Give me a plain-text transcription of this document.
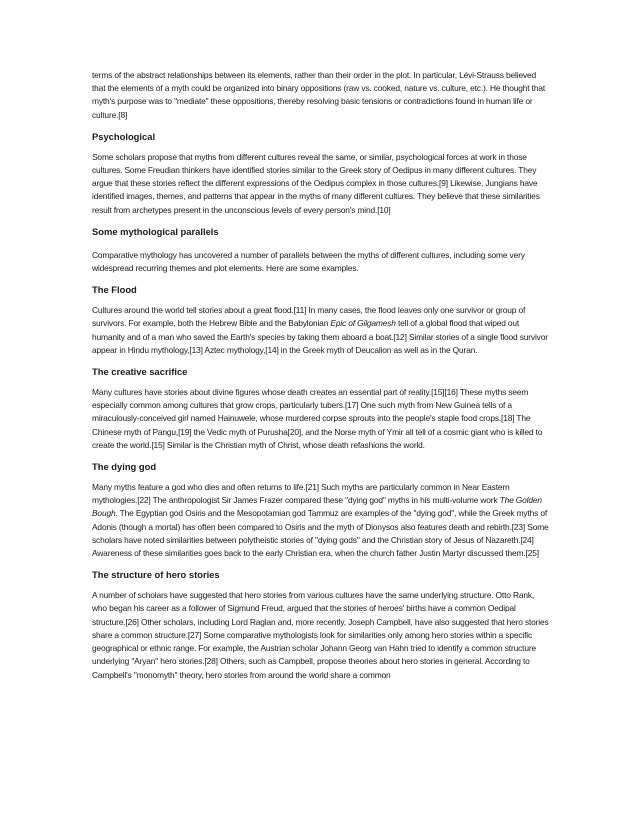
terms of the abstract relationships between its elements, rather than their order in the plot. In particular, Lévi-Strauss believed that the elements of a myth could be organized into binary oppositions (raw vs. cooked, nature vs. culture, etc.). He thought that myth's purpose was to "mediate" these oppositions, thereby resolving basic tensions or contradictions found in human life or culture.[8]

Psychological

Some scholars propose that myths from different cultures reveal the same, or similar, psychological forces at work in those cultures. Some Freudian thinkers have identified stories similar to the Greek story of Oedipus in many different cultures. They argue that these stories reflect the different expressions of the Oedipus complex in those cultures.[9] Likewise, Jungians have identified images, themes, and patterns that appear in the myths of many different cultures. They believe that these similarities result from archetypes present in the unconscious levels of every person's mind.[10]

Some mythological parallels

Comparative mythology has uncovered a number of parallels between the myths of different cultures, including some very widespread recurring themes and plot elements. Here are some examples.

The Flood

Cultures around the world tell stories about a great flood.[11] In many cases, the flood leaves only one survivor or group of survivors. For example, both the Hebrew Bible and the Babylonian Epic of Gilgamesh tell of a global flood that wiped out humanity and of a man who saved the Earth's species by taking them aboard a boat.[12] Similar stories of a single flood survivor appear in Hindu mythology,[13] Aztec mythology,[14] in the Greek myth of Deucalion as well as in the Quran.

The creative sacrifice

Many cultures have stories about divine figures whose death creates an essential part of reality.[15][16] These myths seem especially common among cultures that grow crops, particularly tubers.[17] One such myth from New Guinea tells of a miraculously-conceived girl named Hainuwele, whose murdered corpse sprouts into the people's staple food crops.[18] The Chinese myth of Pangu,[19] the Vedic myth of Purusha[20], and the Norse myth of Ymir all tell of a cosmic giant who is killed to create the world.[15] Similar is the Christian myth of Christ, whose death refashions the world.

The dying god

Many myths feature a god who dies and often returns to life.[21] Such myths are particularly common in Near Eastern mythologies.[22] The anthropologist Sir James Frazer compared these "dying god" myths in his multi-volume work The Golden Bough. The Egyptian god Osiris and the Mesopotamian god Tammuz are examples of the "dying god", while the Greek myths of Adonis (though a mortal) has often been compared to Osiris and the myth of Dionysos also features death and rebirth.[23] Some scholars have noted similarities between polytheistic stories of "dying gods" and the Christian story of Jesus of Nazareth.[24] Awareness of these similarities goes back to the early Christian era, when the church father Justin Martyr discussed them.[25]

The structure of hero stories

A number of scholars have suggested that hero stories from various cultures have the same underlying structure. Otto Rank, who began his career as a follower of Sigmund Freud, argued that the stories of heroes' births have a common Oedipal structure.[26] Other scholars, including Lord Raglan and, more recently, Joseph Campbell, have also suggested that hero stories share a common structure.[27] Some comparative mythologists look for similarities only among hero stories within a specific geographical or ethnic range. For example, the Austrian scholar Johann Georg van Hahn tried to identify a common structure underlying "Aryan" hero stories.[28] Others, such as Campbell, propose theories about hero stories in general. According to Campbell's "monomyth" theory, hero stories from around the world share a common
